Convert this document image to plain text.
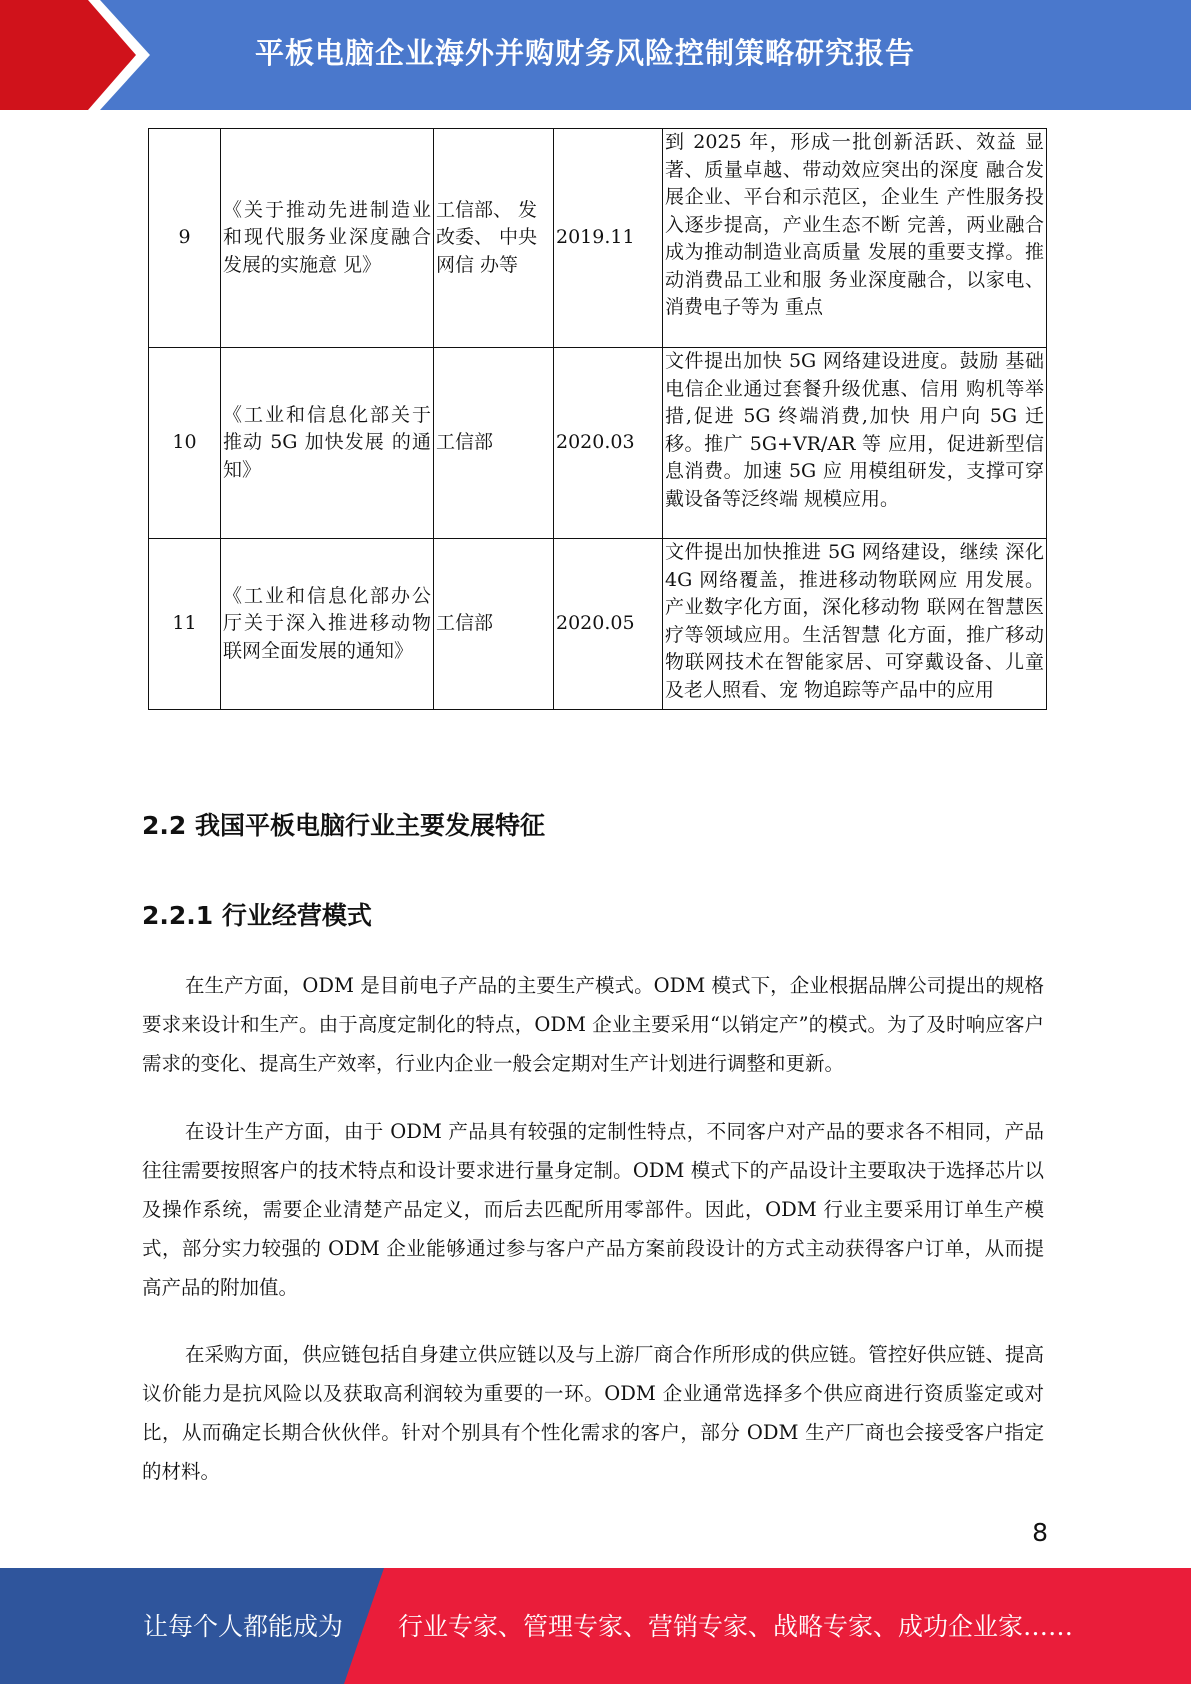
平板电脑企业海外并购财务风险控制策略研究报告
9	《关于推动先进制造业和现代服务业深度融合发展的实施意 见》	工信部、 发改委、 中央网信 办等	2019.11	到 2025 年，形成一批创新活跃、效益 显著、质量卓越、带动效应突出的深度 融合发展企业、平台和示范区，企业生 产性服务投入逐步提高，产业生态不断 完善，两业融合成为推动制造业高质量 发展的重要支撑。推动消费品工业和服 务业深度融合，以家电、消费电子等为 重点
10	《工业和信息化部关于推动 5G 加快发展 的通知》	工信部	2020.03	文件提出加快 5G 网络建设进度。鼓励 基础电信企业通过套餐升级优惠、信用 购机等举措,促进 5G 终端消费,加快 用户向 5G 迁移。推广 5G+VR/AR 等 应用，促进新型信息消费。加速 5G 应 用模组研发，支撑可穿戴设备等泛终端 规模应用。
11	《工业和信息化部办公厅关于深入推进移动物联网全面发展的通知》	工信部	2020.05	文件提出加快推进 5G 网络建设，继续 深化 4G 网络覆盖，推进移动物联网应 用发展。产业数字化方面，深化移动物 联网在智慧医疗等领域应用。生活智慧 化方面，推广移动物联网技术在智能家居、可穿戴设备、儿童及老人照看、宠 物追踪等产品中的应用
2.2 我国平板电脑行业主要发展特征
2.2.1 行业经营模式

在生产方面，ODM 是目前电子产品的主要生产模式。ODM 模式下，企业根据品牌公司提出的规格要求来设计和生产。由于高度定制化的特点，ODM 企业主要采用“以销定产”的模式。为了及时响应客户需求的变化、提高生产效率，行业内企业一般会定期对生产计划进行调整和更新。

在设计生产方面，由于 ODM 产品具有较强的定制性特点，不同客户对产品的要求各不相同，产品往往需要按照客户的技术特点和设计要求进行量身定制。ODM 模式下的产品设计主要取决于选择芯片以及操作系统，需要企业清楚产品定义，而后去匹配所用零部件。因此，ODM 行业主要采用订单生产模式，部分实力较强的 ODM 企业能够通过参与客户产品方案前段设计的方式主动获得客户订单，从而提高产品的附加值。

在采购方面，供应链包括自身建立供应链以及与上游厂商合作所形成的供应链。管控好供应链、提高议价能力是抗风险以及获取高利润较为重要的一环。ODM 企业通常选择多个供应商进行资质鉴定或对比，从而确定长期合伙伙伴。针对个别具有个性化需求的客户，部分 ODM 生产厂商也会接受客户指定的材料。

8
让每个人都能成为 行业专家、管理专家、营销专家、战略专家、成功企业家……
